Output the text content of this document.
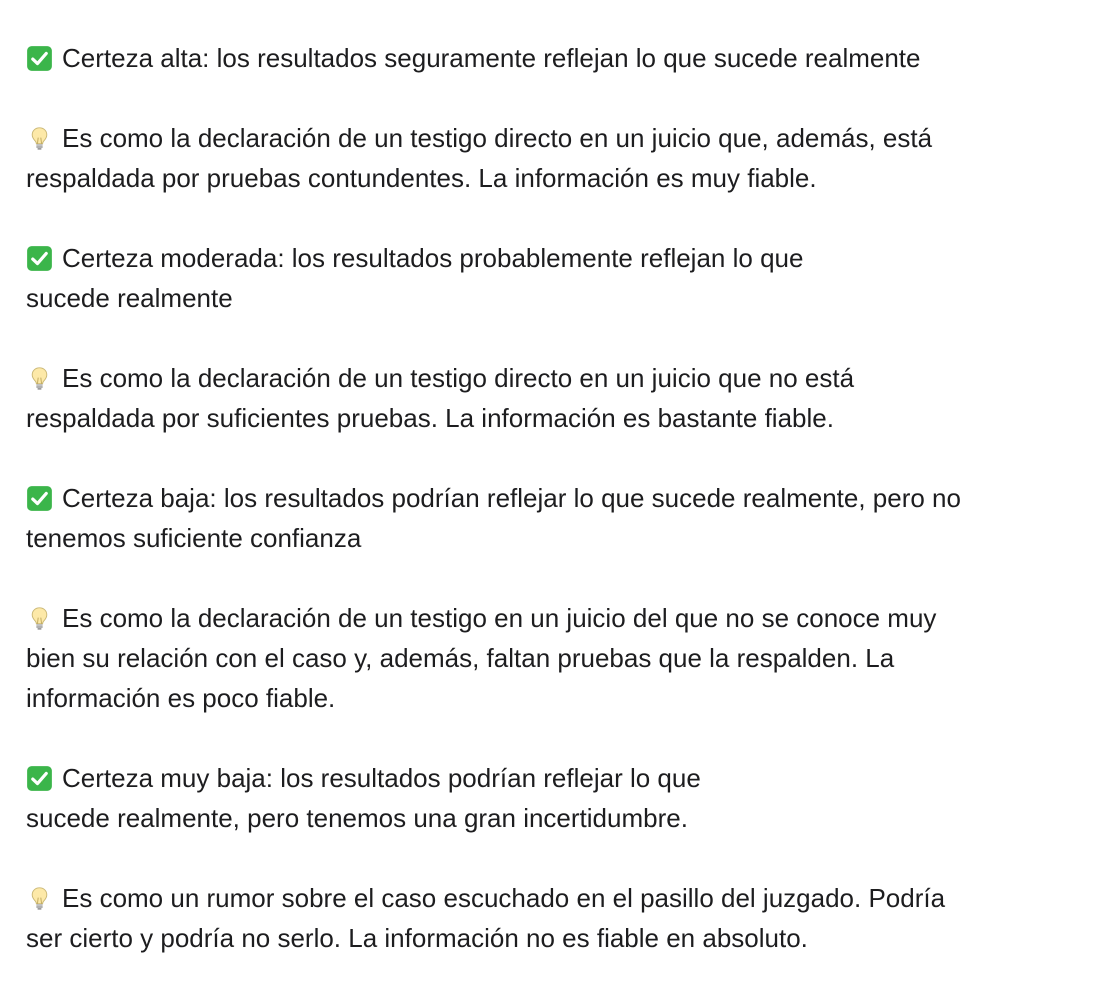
Certeza alta: los resultados seguramente reflejan lo que sucede realmente

Es como la declaración de un testigo directo en un juicio que, además, está
respaldada por pruebas contundentes. La información es muy fiable.

Certeza moderada: los resultados probablemente reflejan lo que
sucede realmente

Es como la declaración de un testigo directo en un juicio que no está
respaldada por suficientes pruebas. La información es bastante fiable.

Certeza baja: los resultados podrían reflejar lo que sucede realmente, pero no
tenemos suficiente confianza

Es como la declaración de un testigo en un juicio del que no se conoce muy
bien su relación con el caso y, además, faltan pruebas que la respalden. La
información es poco fiable.

Certeza muy baja: los resultados podrían reflejar lo que
sucede realmente, pero tenemos una gran incertidumbre.

Es como un rumor sobre el caso escuchado en el pasillo del juzgado. Podría
ser cierto y podría no serlo. La información no es fiable en absoluto.
